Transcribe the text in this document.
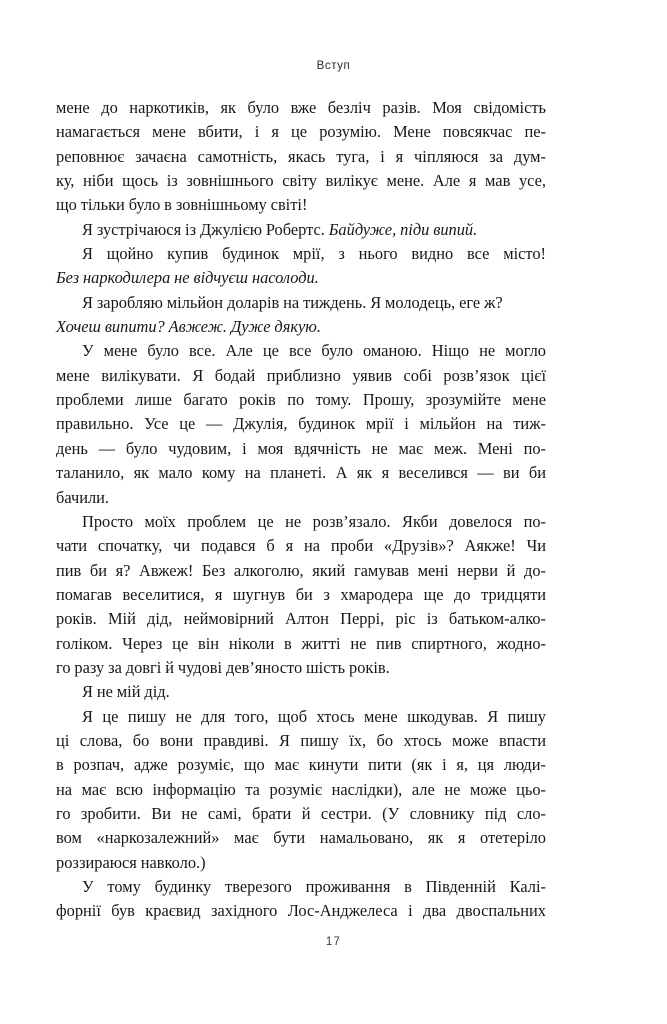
Вступ

мене до наркотиків, як було вже безліч разів. Моя свідомість
намагається мене вбити, і я це розумію. Мене повсякчас пе-
реповнює зачаєна самотність, якась туга, і я чіпляюся за дум-
ку, ніби щось із зовнішнього світу вилікує мене. Але я мав усе,
що тільки було в зовнішньому світі!

Я зустрічаюся із Джулією Робертс. Байдуже, піди випий.

Я щойно купив будинок мрії, з нього видно все місто!
Без наркодилера не відчуєш насолоди.

Я заробляю мільйон доларів на тиждень. Я молодець, еге ж?
Хочеш випити? Авжеж. Дуже дякую.

У мене було все. Але це все було оманою. Ніщо не могло
мене вилікувати. Я бодай приблизно уявив собі розв’язок цієї
проблеми лише багато років по тому. Прошу, зрозумійте мене
правильно. Усе це — Джулія, будинок мрії і мільйон на тиж-
день — було чудовим, і моя вдячність не має меж. Мені по-
таланило, як мало кому на планеті. А як я веселився — ви би
бачили.

Просто моїх проблем це не розв’язало. Якби довелося по-
чати спочатку, чи подався б я на проби «Друзів»? Аякже! Чи
пив би я? Авжеж! Без алкоголю, який гамував мені нерви й до-
помагав веселитися, я шугнув би з хмародера ще до тридцяти
років. Мій дід, неймовірний Алтон Перрі, ріс із батьком-алко-
голіком. Через це він ніколи в житті не пив спиртного, жодно-
го разу за довгі й чудові дев’яносто шість років.

Я не мій дід.

Я це пишу не для того, щоб хтось мене шкодував. Я пишу
ці слова, бо вони правдиві. Я пишу їх, бо хтось може впасти
в розпач, адже розуміє, що має кинути пити (як і я, ця люди-
на має всю інформацію та розуміє наслідки), але не може цьо-
го зробити. Ви не самі, брати й сестри. (У словнику під сло-
вом «наркозалежний» має бути намальовано, як я отетеріло
роззираюся навколо.)

У тому будинку тверезого проживання в Південній Калі-
форнії був краєвид західного Лос-Анджелеса і два двоспальних

17
